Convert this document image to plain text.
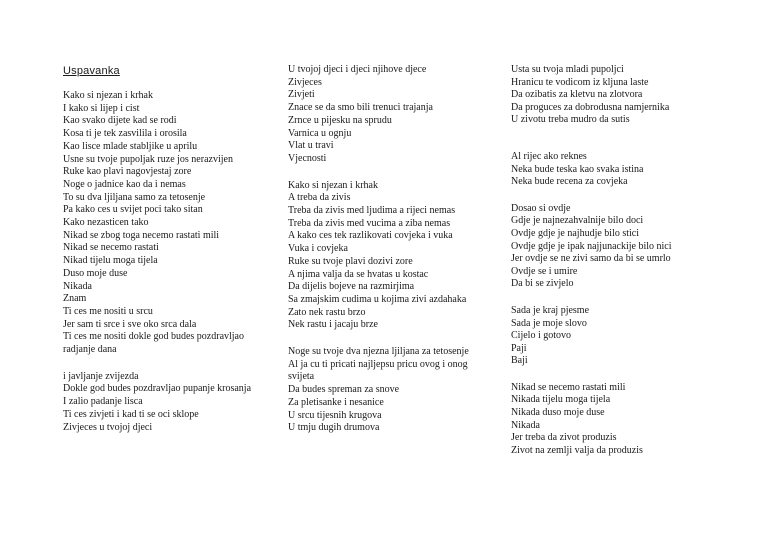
Uspavanka
Kako si njezan i krhak
I kako si lijep i cist
Kao svako dijete kad se rodi
Kosa ti je tek zasvilila i orosila
Kao lisce mlade stabljike u aprilu
Usne su tvoje pupoljak ruze jos nerazvijen
Ruke kao plavi nagovjestaj zore
Noge o jadnice kao da i nemas
To su dva ljiljana samo za tetosenje
Pa kako ces u svijet poci tako sitan
Kako nezasticen tako
Nikad se zbog toga necemo rastati mili
Nikad se necemo rastati
Nikad tijelu moga tijela
Duso moje duse
Nikada
Znam
Ti ces me nositi u srcu
Jer sam ti srce i sve oko srca dala
Ti ces me nositi dokle god budes pozdravljao radjanje dana
i javljanje zvijezda
Dokle god budes pozdravljao pupanje krosanja
I zalio padanje lisca
Ti ces zivjeti i kad ti se oci sklope
Zivjeces u tvojoj djeci
U tvojoj djeci i djeci njihove djece
Zivjeces
Zivjeti
Znace se da smo bili trenuci trajanja
Zrnce u pijesku na sprudu
Varnica u ognju
Vlat u travi
Vjecnosti
Kako si njezan i krhak
A treba da zivis
Treba da zivis med ljudima a rijeci nemas
Treba da zivis med vucima a ziba nemas
A kako ces tek razlikovati covjeka i vuka
Vuka i covjeka
Ruke su tvoje plavi dozivi zore
A njima valja da se hvatas u kostac
Da dijelis bojeve na razmirjima
Sa zmajskim cudima u kojima zivi azdahaka
Zato nek rastu brzo
Nek rastu i jacaju brze
Noge su tvoje dva njezna ljiljana za tetosenje
Al ja cu ti pricati najljepsu pricu ovog i onog svijeta
Da budes spreman za snove
Za pletisanke i nesanice
U srcu tijesnih krugova
U tmju dugih drumova
Usta su tvoja mladi pupoljci
Hranicu te vodicom iz kljuna laste
Da ozibatis za kletvu na zlotvora
Da proguces za dobrodusna namjernika
U zivotu treba mudro da sutis
Al rijec ako reknes
Neka bude teska kao svaka istina
Neka bude recena za covjeka
Dosao si ovdje
Gdje je najnezahvalnije bilo doci
Ovdje gdje je najhudje bilo stici
Ovdje gdje je ipak najjunackije bilo nici
Jer ovdje se ne zivi samo da bi se umrlo
Ovdje se i umire
Da bi se zivjelo
Sada je kraj pjesme
Sada je moje slovo
Cijelo i gotovo
Paji
Baji
Nikad se necemo rastati mili
Nikada tijelu moga tijela
Nikada duso moje duse
Nikada
Jer treba da zivot produzis
Zivot na zemlji valja da produzis
